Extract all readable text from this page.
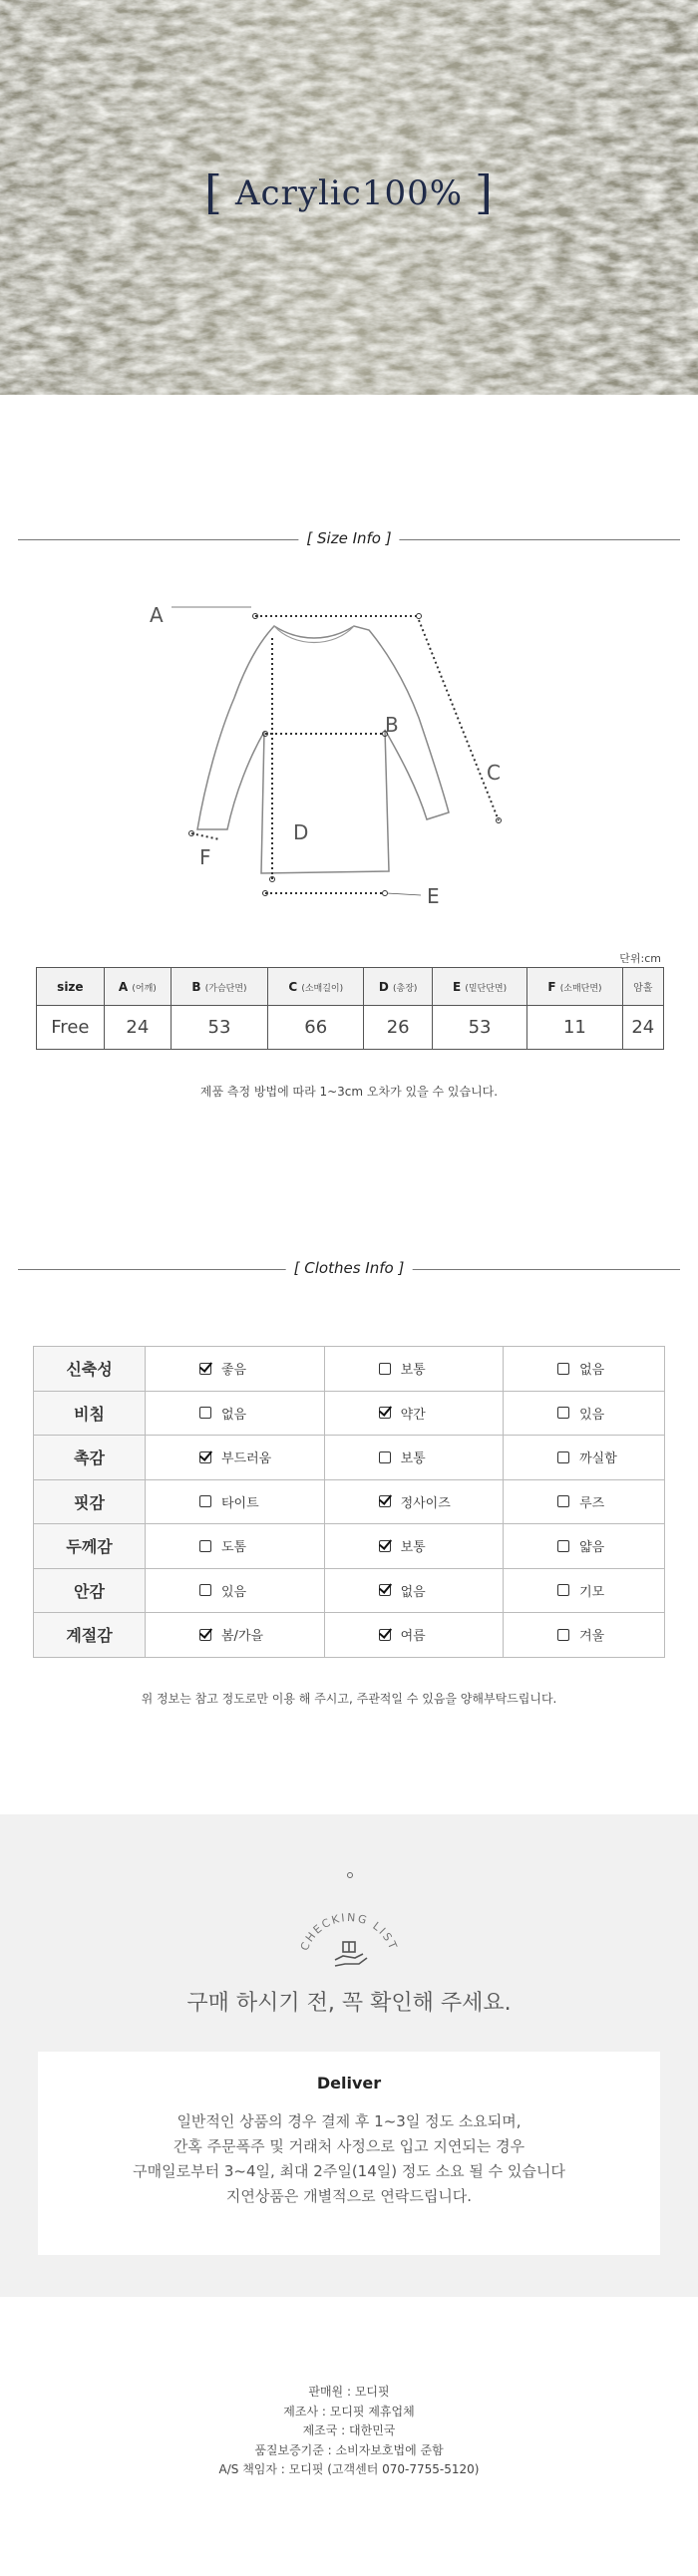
[ Acrylic100% ]
[ Size Info ]
A
B
C
D
E
F
단위:cm
size	A (어깨)	B (가슴단면)	C (소매길이)	D (총장)	E (밑단단면)	F (소매단면)	암홀
Free	24	53	66	26	53	11	24
제품 측정 방법에 따라 1~3cm 오차가 있을 수 있습니다.
[ Clothes Info ]
신축성	좋음	보통	없음
비침	없음	약간	있음
촉감	부드러움	보통	까실함
핏감	타이트	정사이즈	루즈
두께감	도톰	보통	얇음
안감	있음	없음	기모
계절감	봄/가을	여름	겨울
위 정보는 참고 정도로만 이용 해 주시고, 주관적일 수 있음을 양해부탁드립니다.
CHECKING LIST
구매 하시기 전, 꼭 확인해 주세요.
Deliver
일반적인 상품의 경우 결제 후 1~3일 정도 소요되며,
간혹 주문폭주 및 거래처 사정으로 입고 지연되는 경우
구매일로부터 3~4일, 최대 2주일(14일) 정도 소요 될 수 있습니다
지연상품은 개별적으로 연락드립니다.
판매원 : 모디핏
제조사 : 모디핏 제휴업체
제조국 : 대한민국
품질보증기준 : 소비자보호법에 준함
A/S 책임자 : 모디핏 (고객센터 070-7755-5120)
